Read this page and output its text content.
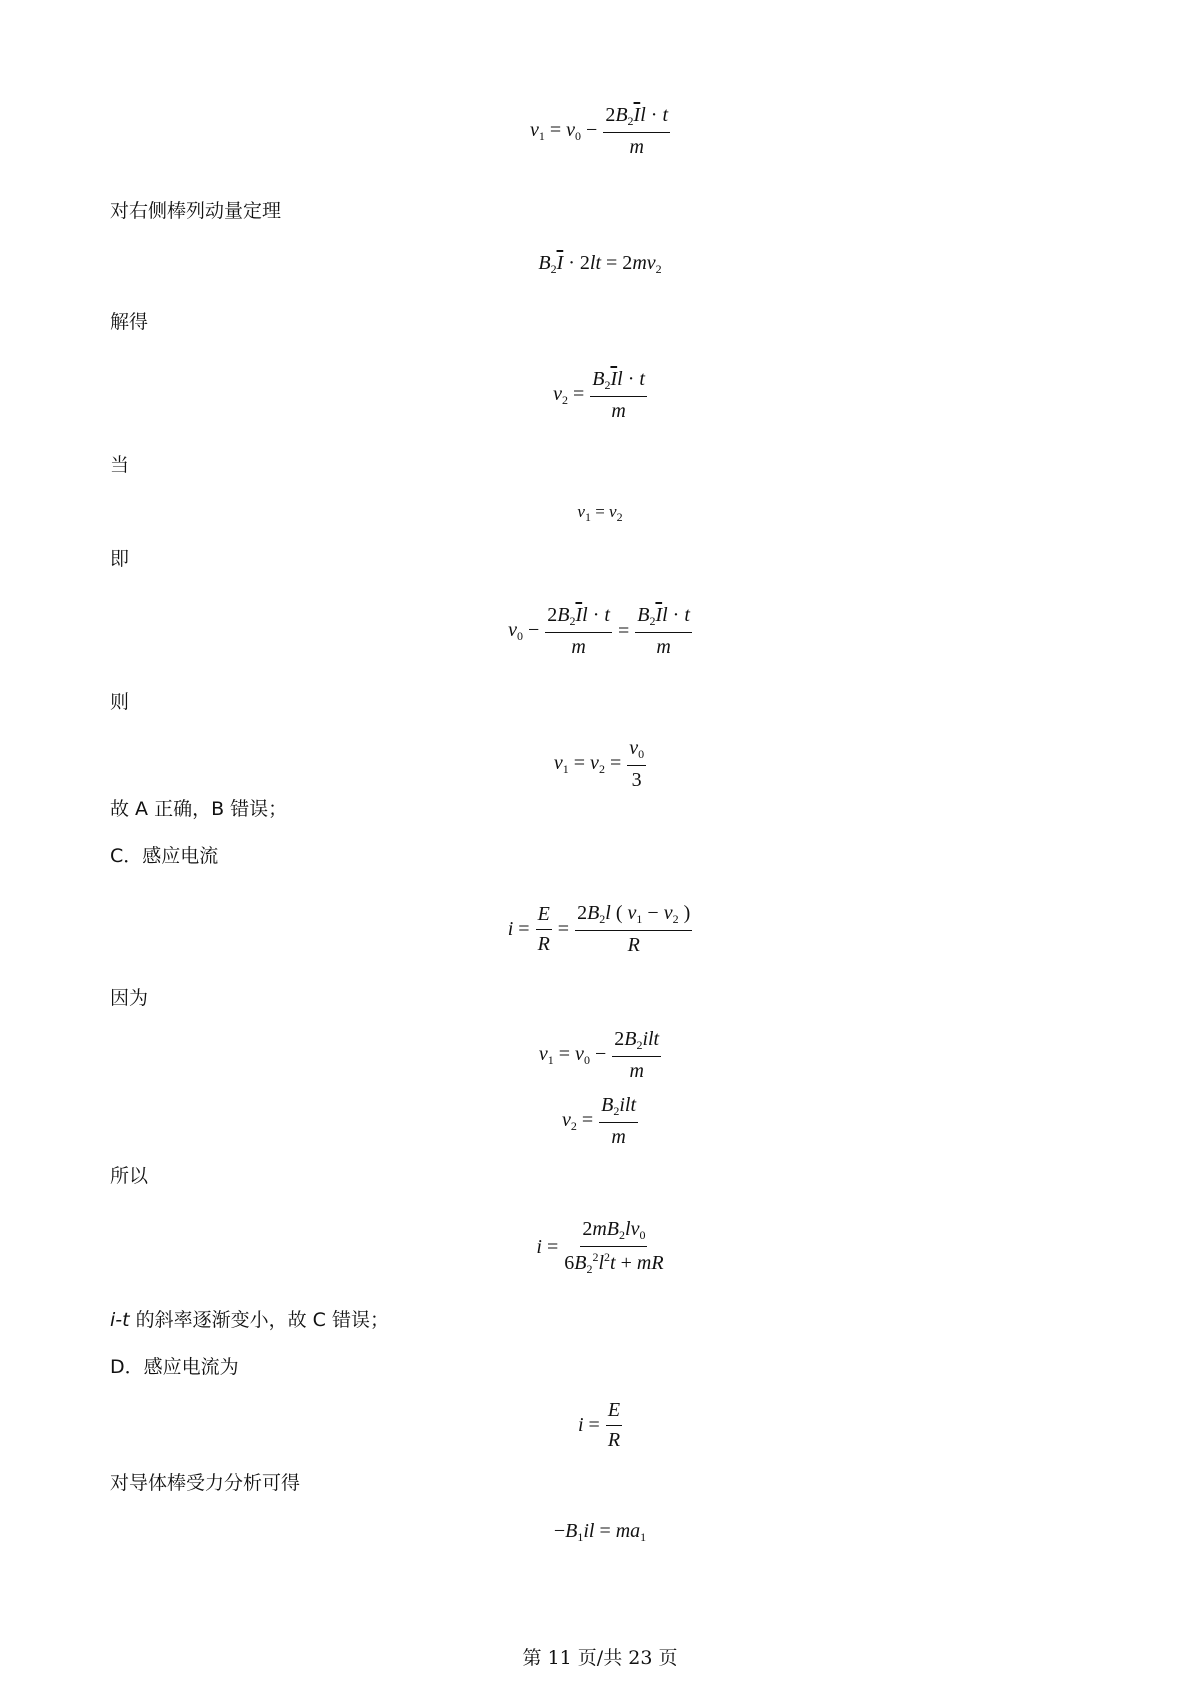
$v_1 = v_0 - \frac{2B_2\overline{I}l \cdot t}{m}$
对右侧棒列动量定理
$B_2\overline{I} \cdot 2lt = 2mv_2$
解得
$v_2 = \frac{B_2\overline{I}l \cdot t}{m}$
当
$v_1 = v_2$
即
$v_0 - \frac{2B_2\overline{I}l \cdot t}{m} = \frac{B_2\overline{I}l \cdot t}{m}$
则
$v_1 = v_2 = \frac{v_0}{3}$
故 A 正确，B 错误；
C．感应电流
$i = \frac{E}{R} = \frac{2B_2l ( v_1 - v_2 )}{R}$
因为
$v_1 = v_0 - \frac{2B_2ilt}{m}$
$v_2 = \frac{B_2ilt}{m}$
所以
$i = \frac{2mB_2lv_0}{6B_2^2l^2t + mR}$
i-t 的斜率逐渐变小，故 C 错误；
D．感应电流为
$i = \frac{E}{R}$
对导体棒受力分析可得
$-B_1il = ma_1$
第 11 页/共 23 页
